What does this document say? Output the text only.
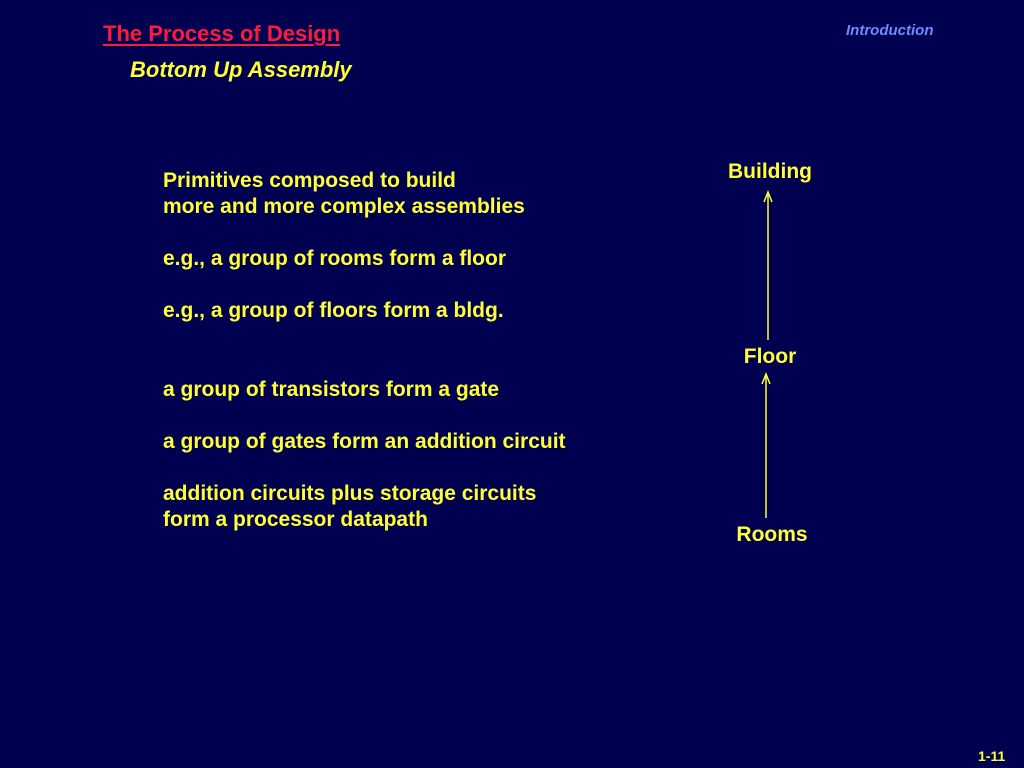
The Process of Design
Bottom Up Assembly
Introduction
Primitives composed to build
more and more complex assemblies
e.g., a group of rooms form a floor
e.g., a group of floors form a bldg.
a group of transistors form a gate
a group of gates form an addition circuit
addition circuits plus storage circuits
form a processor datapath
Building
Floor
Rooms
1-11
